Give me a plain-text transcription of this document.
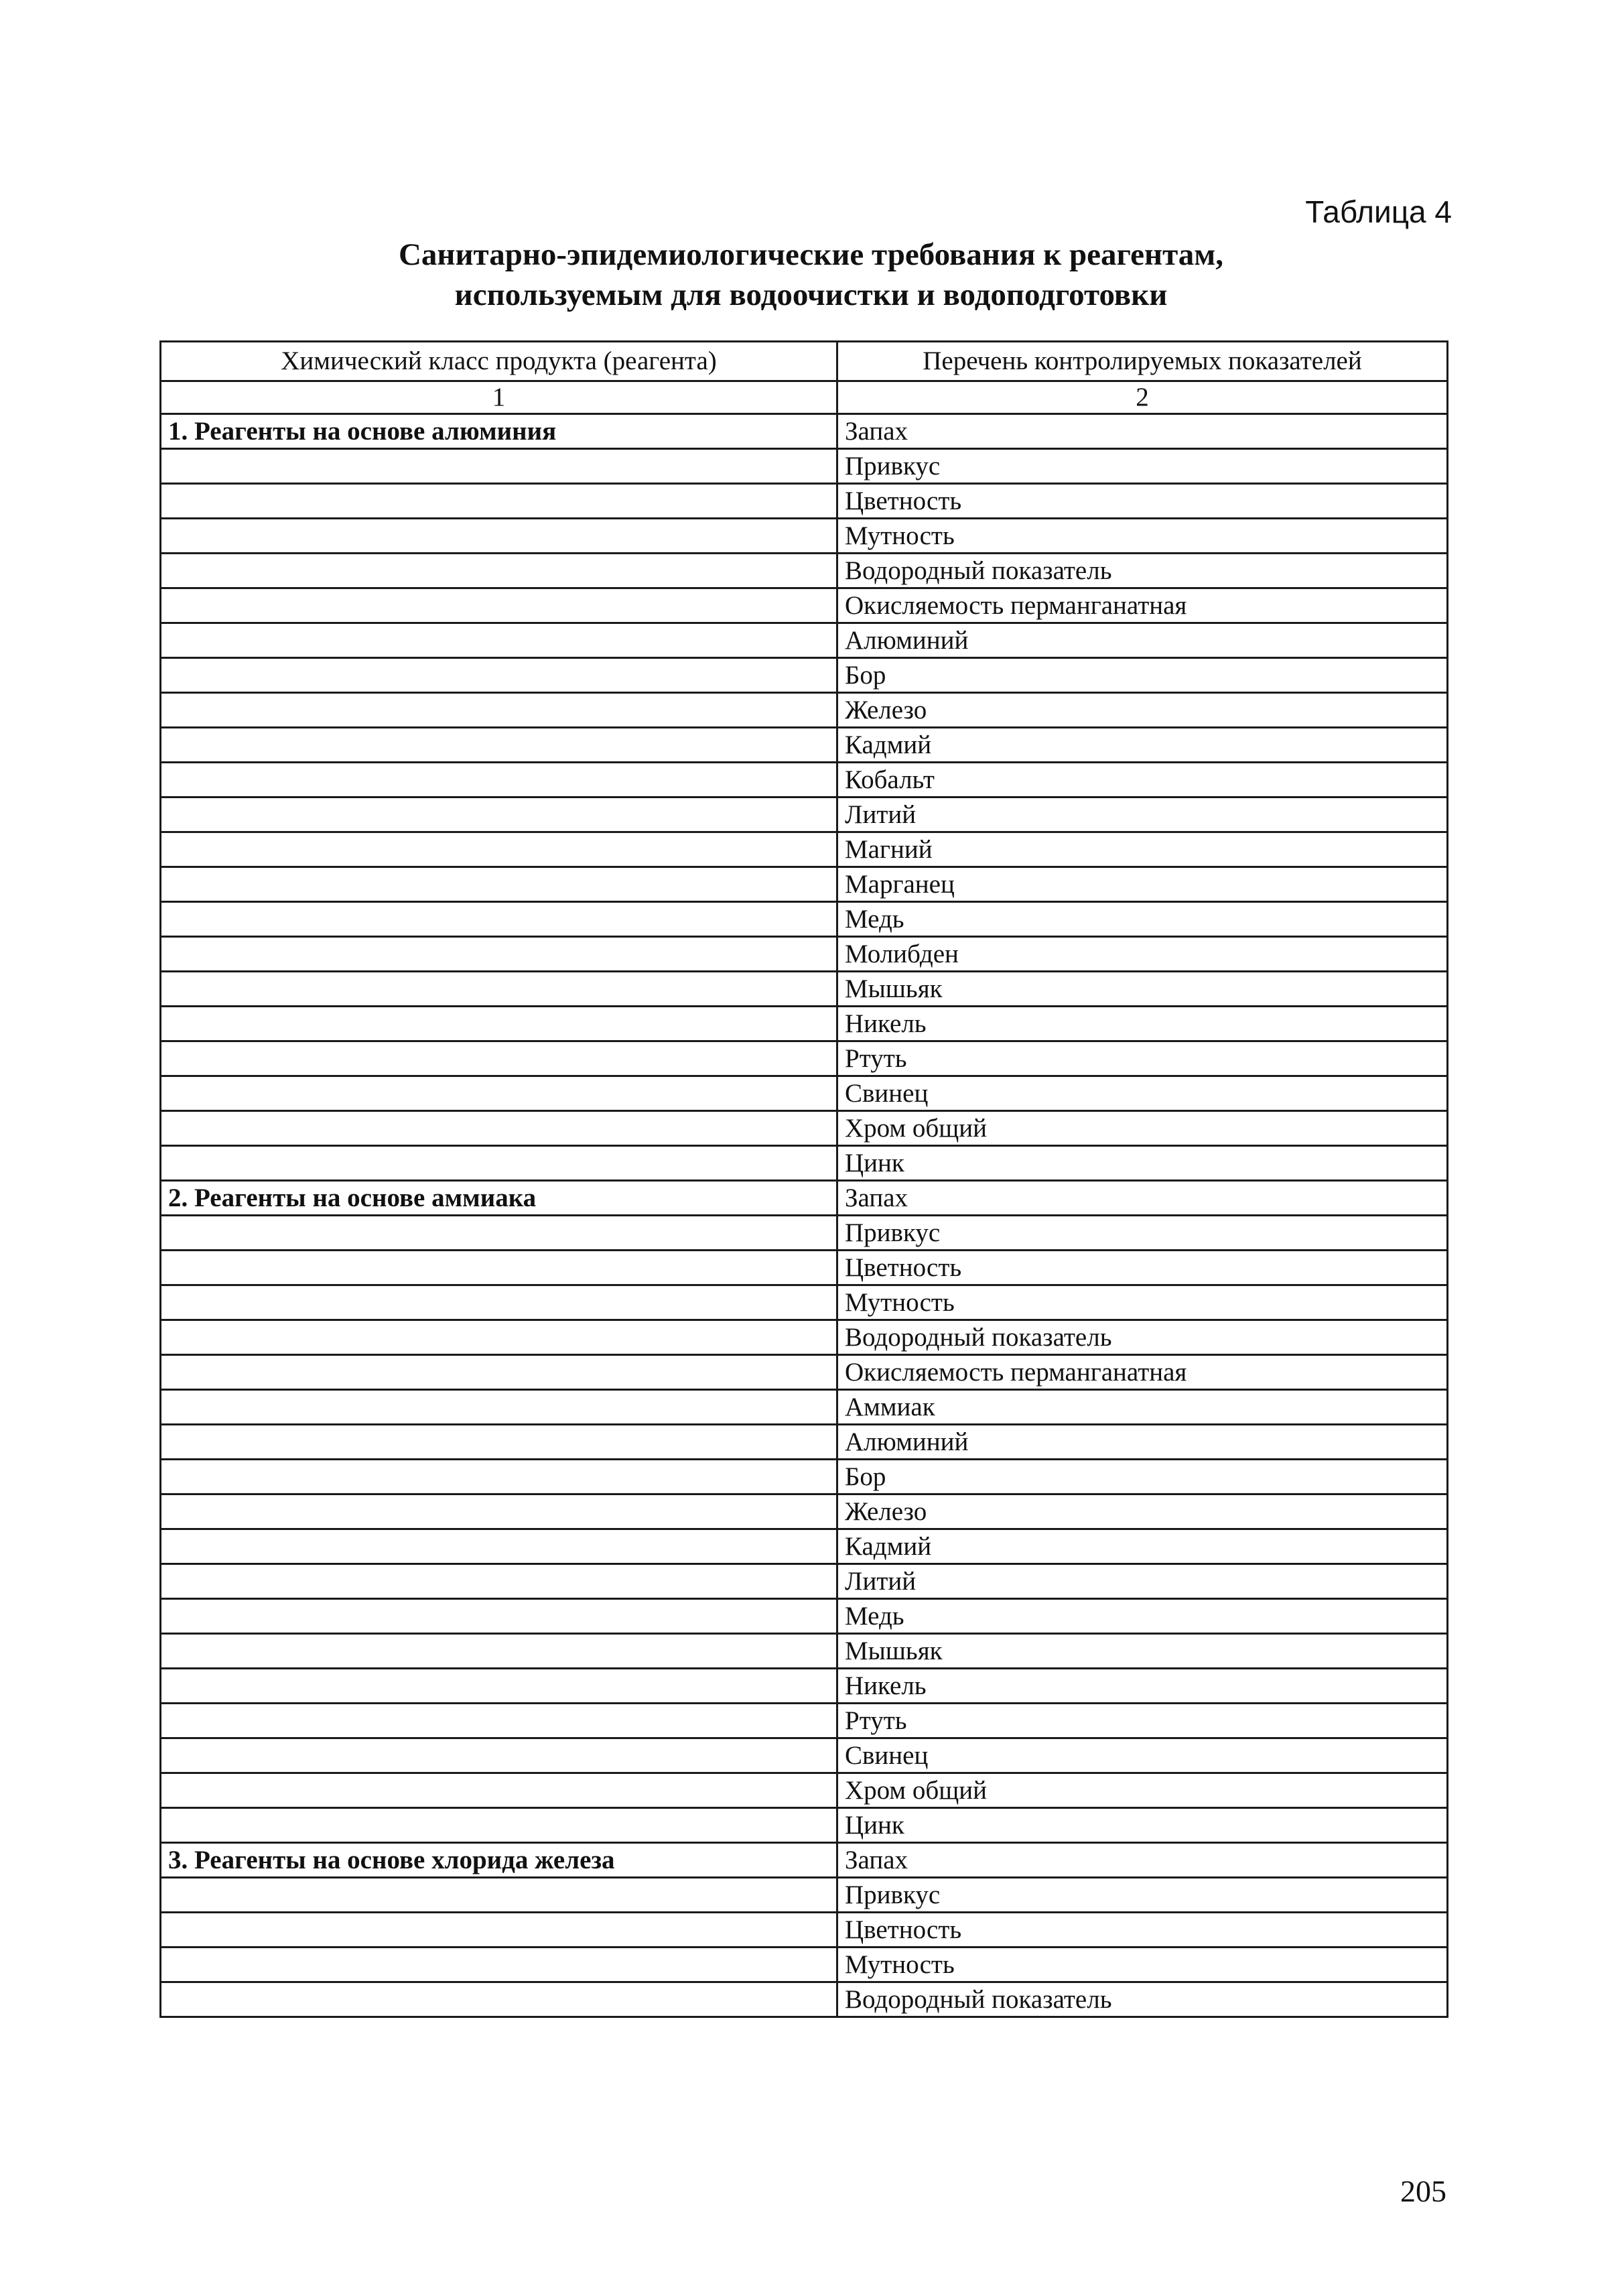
Таблица 4
Санитарно-эпидемиологические требования к реагентам,
используемым для водоочистки и водоподготовки
Химический класс продукта (реагента)	Перечень контролируемых показателей
1	2
1. Реагенты на основе алюминия	Запах
	Привкус
	Цветность
	Мутность
	Водородный показатель
	Окисляемость перманганатная
	Алюминий
	Бор
	Железо
	Кадмий
	Кобальт
	Литий
	Магний
	Марганец
	Медь
	Молибден
	Мышьяк
	Никель
	Ртуть
	Свинец
	Хром общий
	Цинк
2. Реагенты на основе аммиака	Запах
	Привкус
	Цветность
	Мутность
	Водородный показатель
	Окисляемость перманганатная
	Аммиак
	Алюминий
	Бор
	Железо
	Кадмий
	Литий
	Медь
	Мышьяк
	Никель
	Ртуть
	Свинец
	Хром общий
	Цинк
3. Реагенты на основе хлорида железа	Запах
	Привкус
	Цветность
	Мутность
	Водородный показатель
205
